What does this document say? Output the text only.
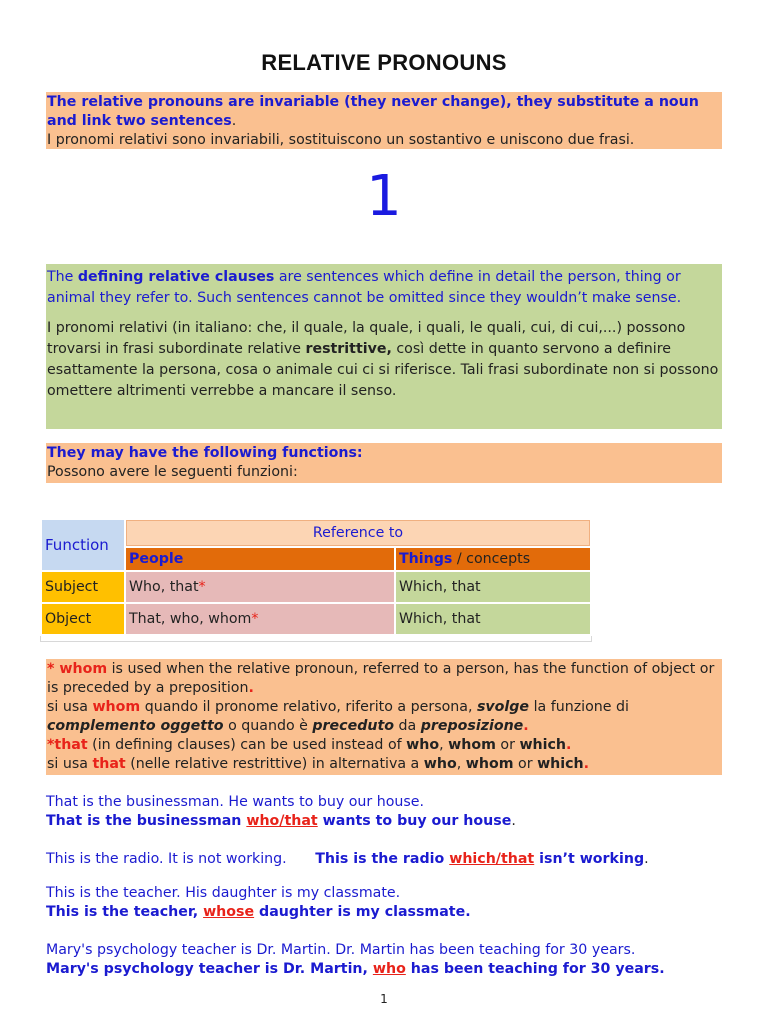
RELATIVE PRONOUNS
The relative pronouns are invariable (they never change), they substitute a noun and link two sentences.
I pronomi relativi sono invariabili, sostituiscono un sostantivo e uniscono due frasi.
1
The defining relative clauses are sentences which define in detail the person, thing or animal they refer to. Such sentences cannot be omitted since they wouldn’t make sense.
I pronomi relativi (in italiano: che, il quale, la quale, i quali, le quali, cui, di cui,...) possono trovarsi in frasi subordinate relative restrittive, così dette in quanto servono a definire esattamente la persona, cosa o animale cui ci si riferisce. Tali frasi subordinate non si possono omettere altrimenti verrebbe a mancare il senso.
They may have the following functions:
Possono avere le seguenti funzioni:
Function	Reference to	
	People	Things / concepts
Subject	Who, that*	Which, that
Object	That, who, whom*	Which, that
* whom is used when the relative pronoun, referred to a person, has the function of object or is preceded by a preposition.
si usa whom quando il pronome relativo, riferito a persona, svolge la funzione di complemento oggetto o quando è preceduto da preposizione.
*that (in defining clauses) can be used instead of who, whom or which.
si usa that (nelle relative restrittive) in alternativa a who, whom or which.
That is the businessman. He wants to buy our house.
That is the businessman who/that wants to buy our house.
This is the radio. It is not working. This is the radio which/that isn’t working.
This is the teacher. His daughter is my classmate.
This is the teacher, whose daughter is my classmate.
Mary's psychology teacher is Dr. Martin. Dr. Martin has been teaching for 30 years.
Mary's psychology teacher is Dr. Martin, who has been teaching for 30 years.
1
